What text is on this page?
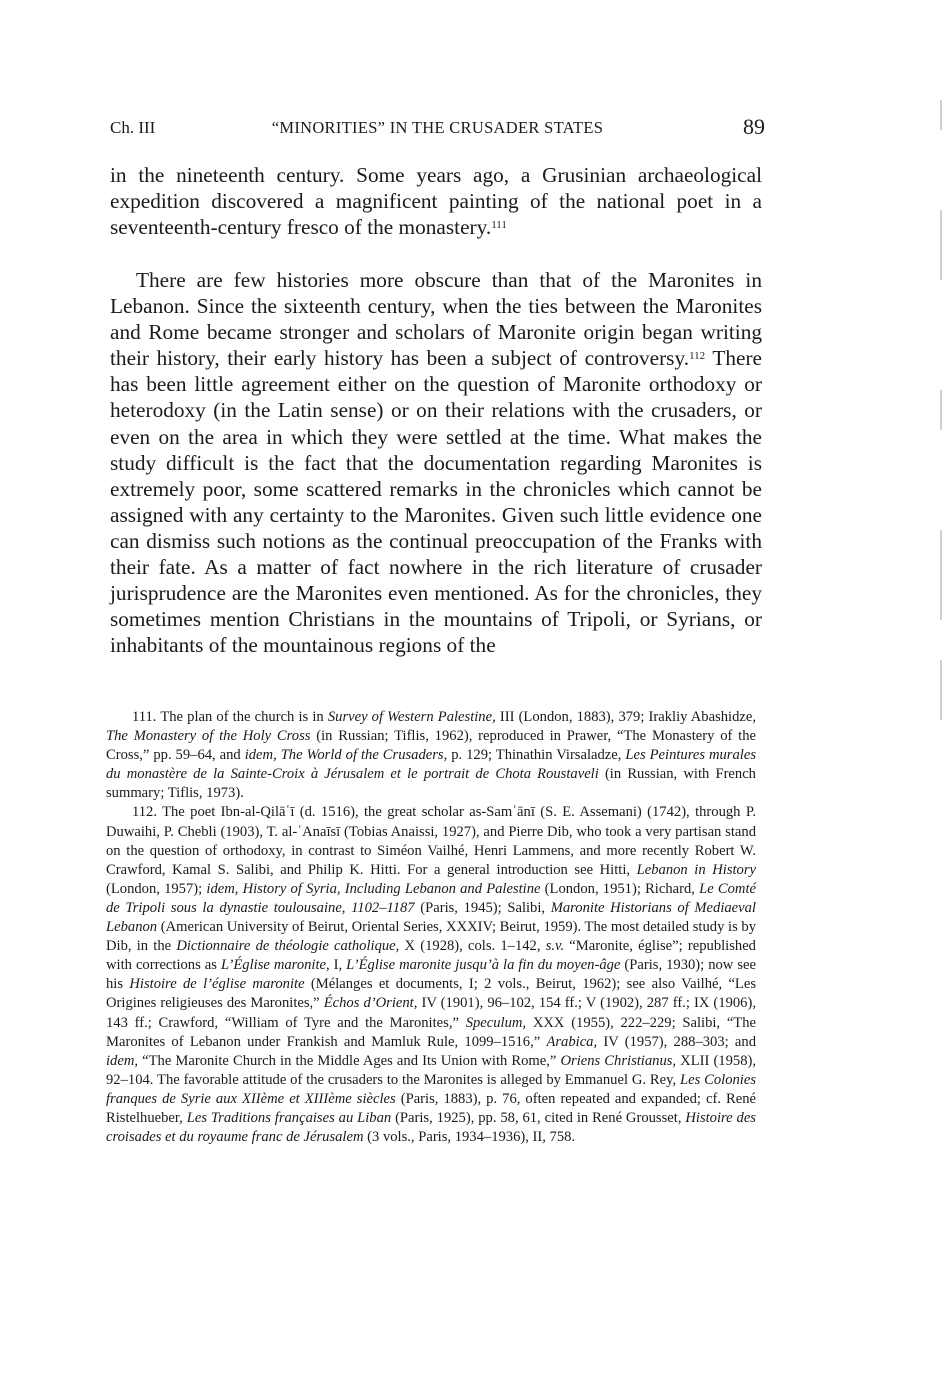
Ch. III	“MINORITIES” IN THE CRUSADER STATES	89

in the nineteenth century. Some years ago, a Grusinian archaeological expedition discovered a magnificent painting of the national poet in a seventeenth-century fresco of the monastery.$^{111}$

There are few histories more obscure than that of the Maronites in Lebanon. Since the sixteenth century, when the ties between the Maronites and Rome became stronger and scholars of Maronite origin began writing their history, their early history has been a subject of controversy.$^{112}$ There has been little agreement either on the question of Maronite orthodoxy or heterodoxy (in the Latin sense) or on their relations with the crusaders, or even on the area in which they were settled at the time. What makes the study difficult is the fact that the documentation regarding Maronites is extremely poor, some scattered remarks in the chronicles which cannot be assigned with any certainty to the Maronites. Given such little evidence one can dismiss such notions as the continual preoccupation of the Franks with their fate. As a matter of fact nowhere in the rich literature of crusader jurisprudence are the Maronites even mentioned. As for the chronicles, they sometimes mention Christians in the mountains of Tripoli, or Syrians, or inhabitants of the mountainous regions of the

111. The plan of the church is in Survey of Western Palestine, III (London, 1883), 379; Irakliy Abashidze, The Monastery of the Holy Cross (in Russian; Tiflis, 1962), reproduced in Prawer, “The Monastery of the Cross,” pp. 59–64, and idem, The World of the Crusaders, p. 129; Thinathin Virsaladze, Les Peintures murales du monastère de la Sainte-Croix à Jérusalem et le portrait de Chota Roustaveli (in Russian, with French summary; Tiflis, 1973).

112. The poet Ibn-al-Qilāʿī (d. 1516), the great scholar as-Samʿānī (S. E. Assemani) (1742), through P. Duwaihi, P. Chebli (1903), T. al-ʿAnaīsī (Tobias Anaissi, 1927), and Pierre Dib, who took a very partisan stand on the question of orthodoxy, in contrast to Siméon Vailhé, Henri Lammens, and more recently Robert W. Crawford, Kamal S. Salibi, and Philip K. Hitti. For a general introduction see Hitti, Lebanon in History (London, 1957); idem, History of Syria, Including Lebanon and Palestine (London, 1951); Richard, Le Comté de Tripoli sous la dynastie toulousaine, 1102–1187 (Paris, 1945); Salibi, Maronite Historians of Mediaeval Lebanon (American University of Beirut, Oriental Series, XXXIV; Beirut, 1959). The most detailed study is by Dib, in the Dictionnaire de théologie catholique, X (1928), cols. 1–142, s.v. “Maronite, église”; republished with corrections as L’Église maronite, I, L’Église maronite jusqu’à la fin du moyen-âge (Paris, 1930); now see his Histoire de l’église maronite (Mélanges et documents, I; 2 vols., Beirut, 1962); see also Vailhé, “Les Origines religieuses des Maronites,” Échos d’Orient, IV (1901), 96–102, 154 ff.; V (1902), 287 ff.; IX (1906), 143 ff.; Crawford, “William of Tyre and the Maronites,” Speculum, XXX (1955), 222–229; Salibi, “The Maronites of Lebanon under Frankish and Mamluk Rule, 1099–1516,” Arabica, IV (1957), 288–303; and idem, “The Maronite Church in the Middle Ages and Its Union with Rome,” Oriens Christianus, XLII (1958), 92–104. The favorable attitude of the crusaders to the Maronites is alleged by Emmanuel G. Rey, Les Colonies franques de Syrie aux XIIème et XIIIème siècles (Paris, 1883), p. 76, often repeated and expanded; cf. René Ristelhueber, Les Traditions françaises au Liban (Paris, 1925), pp. 58, 61, cited in René Grousset, Histoire des croisades et du royaume franc de Jérusalem (3 vols., Paris, 1934–1936), II, 758.
